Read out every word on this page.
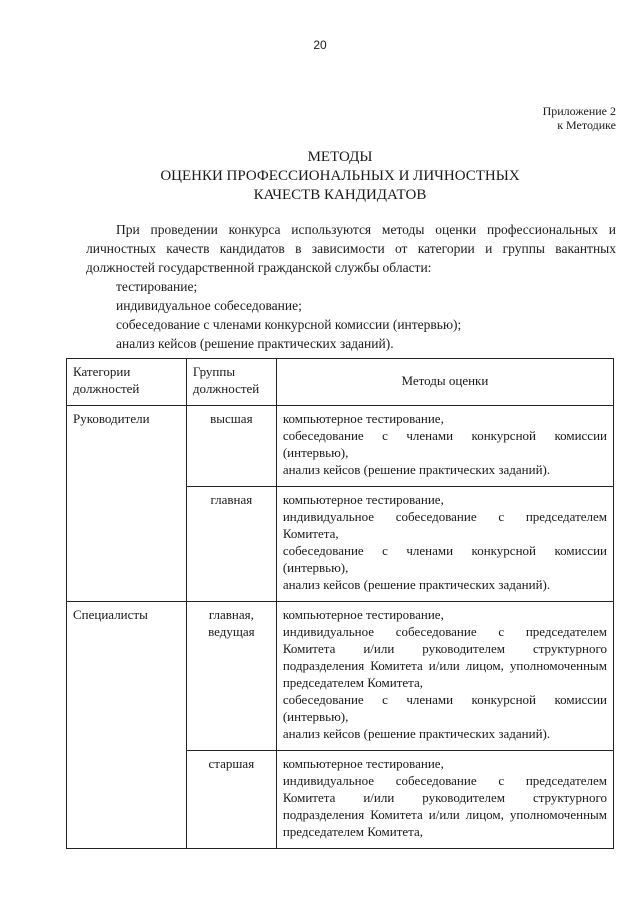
20
Приложение 2
к Методике
МЕТОДЫ
ОЦЕНКИ ПРОФЕССИОНАЛЬНЫХ И ЛИЧНОСТНЫХ
КАЧЕСТВ КАНДИДАТОВ

При проведении конкурса используются методы оценки профессиональных и личностных качеств кандидатов в зависимости от категории и группы вакантных должностей государственной гражданской службы области:

тестирование;

индивидуальное собеседование;

собеседование с членами конкурсной комиссии (интервью);

анализ кейсов (решение практических заданий).

Категории должностей	Группы должностей	Методы оценки
Руководители	высшая	компьютерное тестирование,
собеседование с членами конкурсной комиссии (интервью),
анализ кейсов (решение практических заданий).

	главная	компьютерное тестирование,
индивидуальное собеседование с председателем Комитета,
собеседование с членами конкурсной комиссии (интервью),
анализ кейсов (решение практических заданий).

Специалисты	главная, ведущая	компьютерное тестирование,
индивидуальное собеседование с председателем Комитета и/или руководителем структурного подразделения Комитета и/или лицом, уполномоченным председателем Комитета,
собеседование с членами конкурсной комиссии (интервью),
анализ кейсов (решение практических заданий).

	старшая	компьютерное тестирование,
индивидуальное собеседование с председателем Комитета и/или руководителем структурного подразделения Комитета и/или лицом, уполномоченным председателем Комитета,
